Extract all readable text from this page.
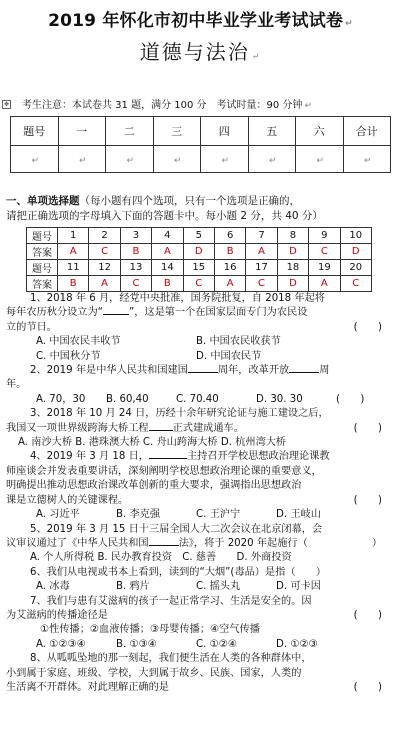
2019 年怀化市初中毕业学业考试试卷 ↵
道德与法治 ↵
✥ 考生注意：本试卷共 31 题，满分 100 分　考试时量：90 分钟 ↵
题号	一	二	三	四	五	六	合计
↵	↵	↵	↵	↵	↵	↵	↵
一、单项选择题（每小题有四个选项，只有一个选项是正确的，
请把正确选项的字母填入下面的答题卡中。每小题 2 分，共 40 分）
题号	1	2	3	4	5	6	7	8	9	10
答案	A	C	B	A	D	B	A	D	C	D
题号	11	12	13	14	15	16	17	18	19	20
答案	B	A	C	B	C	A	C	D	A	C
1、2018 年 6 月，经党中央批准，国务院批复，自 2018 年起将
每年农历秋分设立为“	”，这是第一个在国家层面专门为农民设
立的节日。	(　　)
A. 中国农民丰收节	B. 中国农民收获节
C. 中国秋分节	D. 中国农民节
2、2019 年是中华人民共和国建国	周年，改革开放	周
年。
A. 70，30	B. 60,40	C. 70.40	D. 30. 30	(　　)
3、2018 年 10 月 24 日，历经十余年研究论证与施工建设之后，
我国又一项世界级跨海大桥工程 正式建成通车。	(　　)
A. 南沙大桥 B. 港珠澳大桥 C. 舟山跨海大桥 D. 杭州湾大桥
4、2019 年 3 月 18 日，	主持召开学校思想政治理论课教
师座谈会并发表重要讲话，深刻阐明学校思想政治理论课的重要意义，
明确提出推动思想政治课改革创新的重大要求，强调指出思想政治
课是立德树人的关键课程。	(　　)
A. 习近平	B. 李克强	C. 王沪宁	D. 王岐山
5、2019 年 3 月 15 日十三届全国人大二次会议在北京闭幕，会
议审议通过了《中华人民共和国	法》，将于 2020 年起施行（	）
A. 个人所得税 B. 民办教育投资　C. 慈善　　D. 外商投资
6、我们从电视或书本上看到，读到的“大烟”(毒品）是指（　　）
A. 冰毒	B. 鸦片	C. 摇头丸	D. 可卡因
7、我们与患有艾滋病的孩子一起正常学习、生活是安全的。因
为艾滋病的传播途径是	(　　)
①性传播；②血液传播；③母婴传播；④空气传播
A. ①②③④	B. ①③④	C. ①②④	D. ①②③
8、从呱呱坠地的那一刻起，我们便生活在人类的各种群体中，
小到属于家庭、班级、学校，大到属于故乡、民族、国家，人类的
生活离不开群体。对此理解正确的是	(　　)
